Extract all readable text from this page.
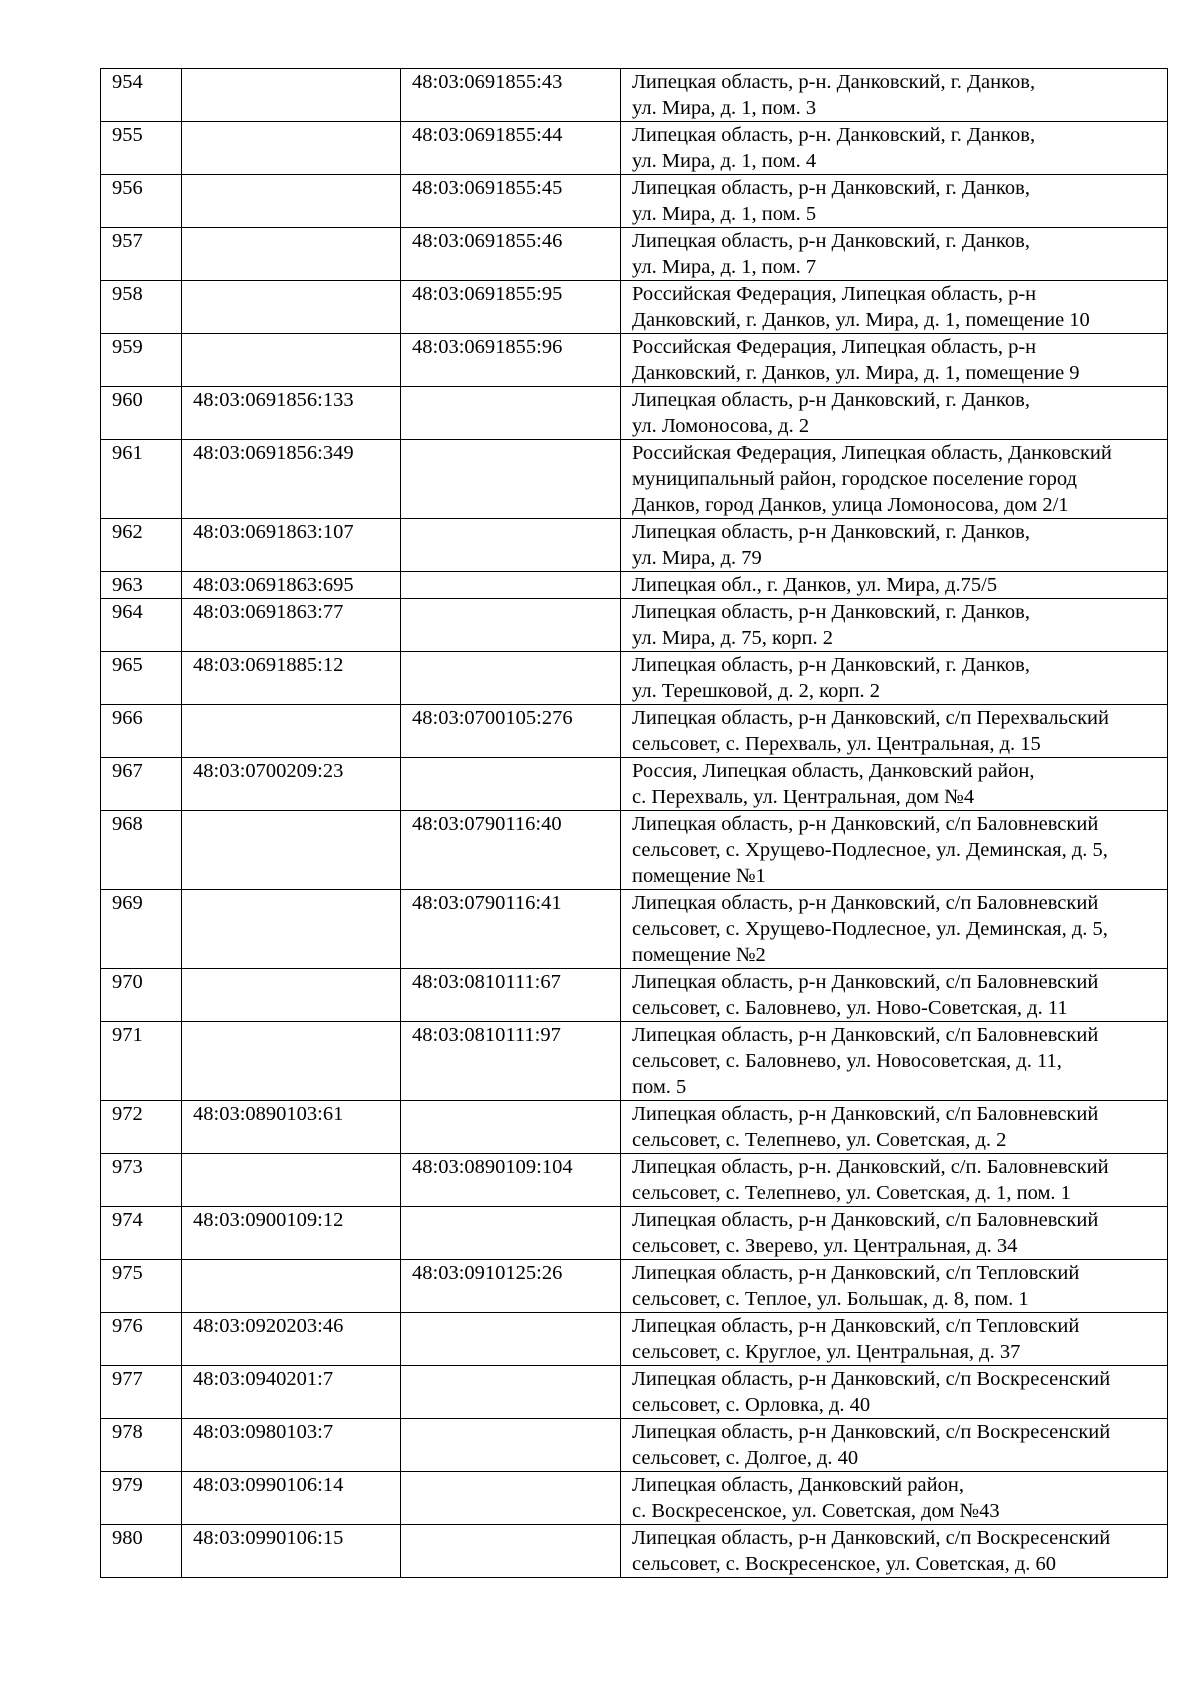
954		48:03:0691855:43	Липецкая область, р-н. Данковский, г. Данков,
ул. Мира, д. 1, пом. 3
955		48:03:0691855:44	Липецкая область, р-н. Данковский, г. Данков,
ул. Мира, д. 1, пом. 4
956		48:03:0691855:45	Липецкая область, р-н Данковский, г. Данков,
ул. Мира, д. 1, пом. 5
957		48:03:0691855:46	Липецкая область, р-н Данковский, г. Данков,
ул. Мира, д. 1, пом. 7
958		48:03:0691855:95	Российская Федерация, Липецкая область, р-н
Данковский, г. Данков, ул. Мира, д. 1, помещение 10
959		48:03:0691855:96	Российская Федерация, Липецкая область, р-н
Данковский, г. Данков, ул. Мира, д. 1, помещение 9
960	48:03:0691856:133		Липецкая область, р-н Данковский, г. Данков,
ул. Ломоносова, д. 2
961	48:03:0691856:349		Российская Федерация, Липецкая область, Данковский
муниципальный район, городское поселение город
Данков, город Данков, улица Ломоносова, дом 2/1
962	48:03:0691863:107		Липецкая область, р-н Данковский, г. Данков,
ул. Мира, д. 79
963	48:03:0691863:695		Липецкая обл., г. Данков, ул. Мира, д.75/5
964	48:03:0691863:77		Липецкая область, р-н Данковский, г. Данков,
ул. Мира, д. 75, корп. 2
965	48:03:0691885:12		Липецкая область, р-н Данковский, г. Данков,
ул. Терешковой, д. 2, корп. 2
966		48:03:0700105:276	Липецкая область, р-н Данковский, с/п Перехвальский
сельсовет, с. Перехваль, ул. Центральная, д. 15
967	48:03:0700209:23		Россия, Липецкая область, Данковский район,
с. Перехваль, ул. Центральная, дом №4
968		48:03:0790116:40	Липецкая область, р-н Данковский, с/п Баловневский
сельсовет, с. Хрущево-Подлесное, ул. Деминская, д. 5,
помещение №1
969		48:03:0790116:41	Липецкая область, р-н Данковский, с/п Баловневский
сельсовет, с. Хрущево-Подлесное, ул. Деминская, д. 5,
помещение №2
970		48:03:0810111:67	Липецкая область, р-н Данковский, с/п Баловневский
сельсовет, с. Баловнево, ул. Ново-Советская, д. 11
971		48:03:0810111:97	Липецкая область, р-н Данковский, с/п Баловневский
сельсовет, с. Баловнево, ул. Новосоветская, д. 11,
пом. 5
972	48:03:0890103:61		Липецкая область, р-н Данковский, с/п Баловневский
сельсовет, с. Телепнево, ул. Советская, д. 2
973		48:03:0890109:104	Липецкая область, р-н. Данковский, с/п. Баловневский
сельсовет, с. Телепнево, ул. Советская, д. 1, пом. 1
974	48:03:0900109:12		Липецкая область, р-н Данковский, с/п Баловневский
сельсовет, с. Зверево, ул. Центральная, д. 34
975		48:03:0910125:26	Липецкая область, р-н Данковский, с/п Тепловский
сельсовет, с. Теплое, ул. Большак, д. 8, пом. 1
976	48:03:0920203:46		Липецкая область, р-н Данковский, с/п Тепловский
сельсовет, с. Круглое, ул. Центральная, д. 37
977	48:03:0940201:7		Липецкая область, р-н Данковский, с/п Воскресенский
сельсовет, с. Орловка, д. 40
978	48:03:0980103:7		Липецкая область, р-н Данковский, с/п Воскресенский
сельсовет, с. Долгое, д. 40
979	48:03:0990106:14		Липецкая область, Данковский район,
с. Воскресенское, ул. Советская, дом №43
980	48:03:0990106:15		Липецкая область, р-н Данковский, с/п Воскресенский
сельсовет, с. Воскресенское, ул. Советская, д. 60
